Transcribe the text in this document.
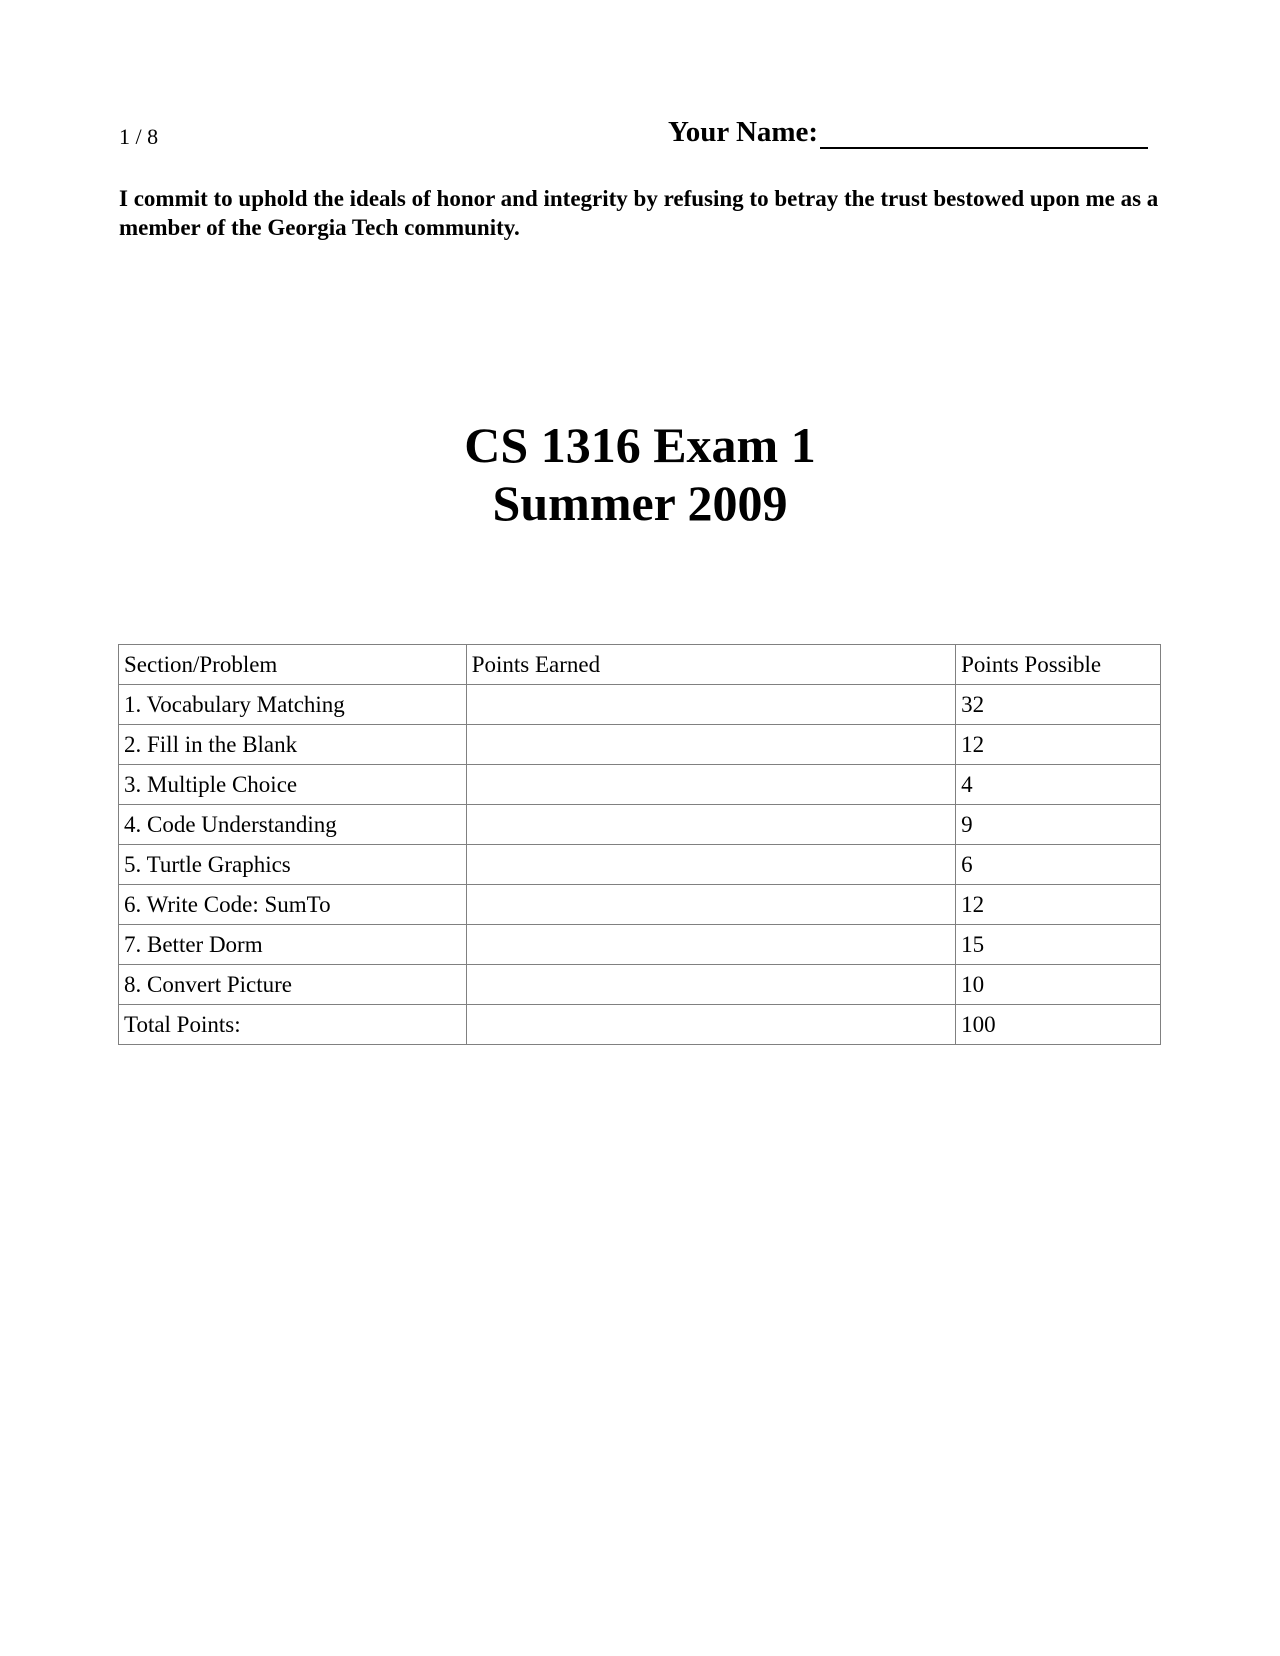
1 / 8	Your Name:
I commit to uphold the ideals of honor and integrity by refusing to betray the trust bestowed upon me as a member of the Georgia Tech community.
CS 1316 Exam 1
Summer 2009
Section/Problem	Points Earned	Points Possible
1. Vocabulary Matching		32
2. Fill in the Blank		12
3. Multiple Choice		4
4. Code Understanding		9
5. Turtle Graphics		6
6. Write Code: SumTo		12
7. Better Dorm		15
8. Convert Picture		10
Total Points:		100
